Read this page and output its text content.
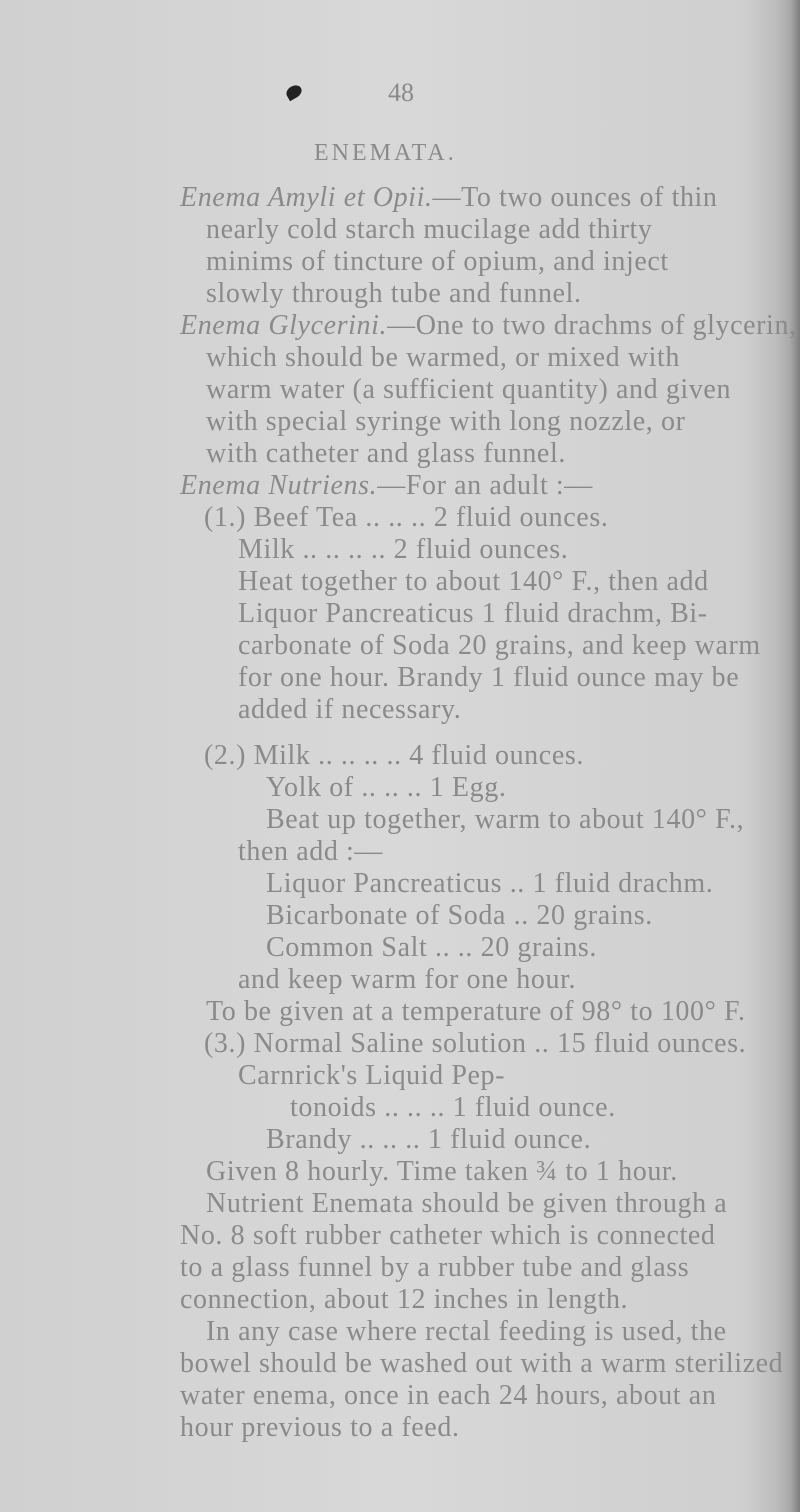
48
ENEMATA.
Enema Amyli et Opii.—To two ounces of thin
nearly cold starch mucilage add thirty
minims of tincture of opium, and inject
slowly through tube and funnel.
Enema Glycerini.—One to two drachms of glycerin,
which should be warmed, or mixed with
warm water (a sufficient quantity) and given
with special syringe with long nozzle, or
with catheter and glass funnel.
Enema Nutriens.—For an adult :—
(1.) Beef Tea .. .. .. 2 fluid ounces.
Milk .. .. .. .. 2 fluid ounces.
Heat together to about 140° F., then add
Liquor Pancreaticus 1 fluid drachm, Bi-
carbonate of Soda 20 grains, and keep warm
for one hour. Brandy 1 fluid ounce may be
added if necessary.
(2.) Milk .. .. .. .. 4 fluid ounces.
Yolk of .. .. .. 1 Egg.
Beat up together, warm to about 140° F.,
then add :—
Liquor Pancreaticus .. 1 fluid drachm.
Bicarbonate of Soda .. 20 grains.
Common Salt .. .. 20 grains.
and keep warm for one hour.
To be given at a temperature of 98° to 100° F.
(3.) Normal Saline solution .. 15 fluid ounces.
Carnrick's Liquid Pep-
tonoids .. .. .. 1 fluid ounce.
Brandy .. .. .. 1 fluid ounce.
Given 8 hourly. Time taken ¾ to 1 hour.
Nutrient Enemata should be given through a
No. 8 soft rubber catheter which is connected
to a glass funnel by a rubber tube and glass
connection, about 12 inches in length.
In any case where rectal feeding is used, the
bowel should be washed out with a warm sterilized
water enema, once in each 24 hours, about an
hour previous to a feed.
